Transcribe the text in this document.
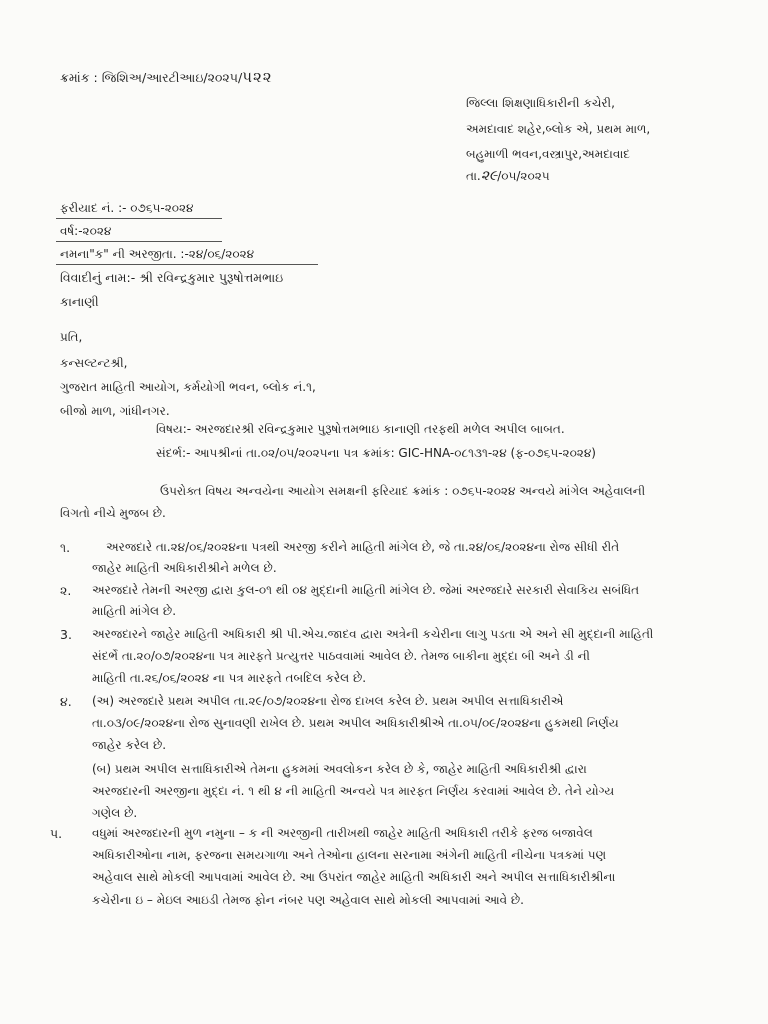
ક્રમાંક : જિશિઅ/આરટીઆઇ/૨૦૨૫/પ૨૨
જિલ્લા શિક્ષણાધિકારીની કચેરી,
અમદાવાદ શહેર,બ્લોક એ, પ્રથમ માળ,
બહુમાળી ભવન,વસ્ત્રાપુર,અમદાવાદ
તા.૨૯/૦૫/૨૦૨૫
ફરીયાદ નં. :- ૦૭૬૫-૨૦૨૪
વર્ષ:-૨૦૨૪
નમના"ક" ની અરજીતા. :-૨૪/૦૬/૨૦૨૪
વિવાદીનું નામ:- શ્રી રવિન્દ્રકુમાર પુરૂષોત્તમભાઇ
કાનાણી
પ્રતિ,
કન્સલ્ટન્ટશ્રી,
ગુજરાત માહિતી આયોગ, કર્મયોગી ભવન, બ્લોક નં.૧,
બીજો માળ, ગાંધીનગર.
વિષય:- અરજદારશ્રી રવિન્દ્રકુમાર પુરૂષોત્તમભાઇ કાનાણી તરફથી મળેલ અપીલ બાબત.
સંદર્ભ:- આપશ્રીનાં તા.૦૨/૦૫/૨૦૨૫ના પત્ર ક્રમાંક: GIC-HNA-૦૮૧૩૧-૨૪ (ફ-૦૭૬૫-૨૦૨૪)
ઉપરોક્ત વિષય અન્વયેના આયોગ સમક્ષની ફરિયાદ ક્રમાંક : ૦૭૬૫-૨૦૨૪ અન્વયે માંગેલ અહેવાલની
વિગતો નીચે મુજબ છે.
૧.	અરજદારે તા.૨૪/૦૬/૨૦૨૪ના પત્રથી અરજી કરીને માહિતી માંગેલ છે, જે તા.૨૪/૦૬/૨૦૨૪ના રોજ સીધી રીતે
જાહેર માહિતી અધિકારીશ્રીને મળેલ છે.
૨. અરજદારે તેમની અરજી દ્વારા કુલ-૦૧ થી ૦૪ મુદ્દાની માહિતી માંગેલ છે. જેમાં અરજદારે સરકારી સેવાકિય સબંધિત
માહિતી માંગેલ છે.
3. અરજદારને જાહેર માહિતી અધિકારી શ્રી પી.એચ.જાદવ દ્વારા અત્રેની કચેરીના લાગુ પડતા એ અને સી મુદ્દાની માહિતી
સંદર્ભે તા.૨૦/૦૭/૨૦૨૪ના પત્ર મારફતે પ્રત્યુત્તર પાઠવવામાં આવેલ છે. તેમજ બાકીના મુદ્દા બી અને ડી ની
માહિતી તા.૨૬/૦૬/૨૦૨૪ ના પત્ર મારફતે તબદિલ કરેલ છે.
૪. (અ) અરજદારે પ્રથમ અપીલ તા.૨૯/૦૭/૨૦૨૪ના રોજ દાખલ કરેલ છે. પ્રથમ અપીલ સત્તાધિકારીએ
તા.૦૩/૦૯/૨૦૨૪ના રોજ સુનાવણી રાખેલ છે. પ્રથમ અપીલ અધિકારીશ્રીએ તા.૦૫/૦૯/૨૦૨૪ના હુકમથી નિર્ણય
જાહેર કરેલ છે.
(બ) પ્રથમ અપીલ સત્તાધિકારીએ તેમના હુકમમાં અવલોકન કરેલ છે કે, જાહેર માહિતી અધિકારીશ્રી દ્વારા
અરજદારની અરજીના મુદ્દા નં. ૧ થી ૪ ની માહિતી અન્વયે પત્ર મારફત નિર્ણય કરવામાં આવેલ છે. તેને યોગ્ય
ગણેલ છે.
પ. વધુમાં અરજદારની મુળ નમુના – ક ની અરજીની તારીખથી જાહેર માહિતી અધિકારી તરીકે ફરજ બજાવેલ
અધિકારીઓના નામ, ફરજના સમયગાળા અને તેઓના હાલના સરનામા અંગેની માહિતી નીચેના પત્રકમાં પણ
અહેવાલ સાથે મોકલી આપવામાં આવેલ છે. આ ઉપરાંત જાહેર માહિતી અધિકારી અને અપીલ સત્તાધિકારીશ્રીના
કચેરીના ઇ – મેઇલ આઇડી તેમજ ફોન નંબર પણ અહેવાલ સાથે મોકલી આપવામાં આવે છે.
